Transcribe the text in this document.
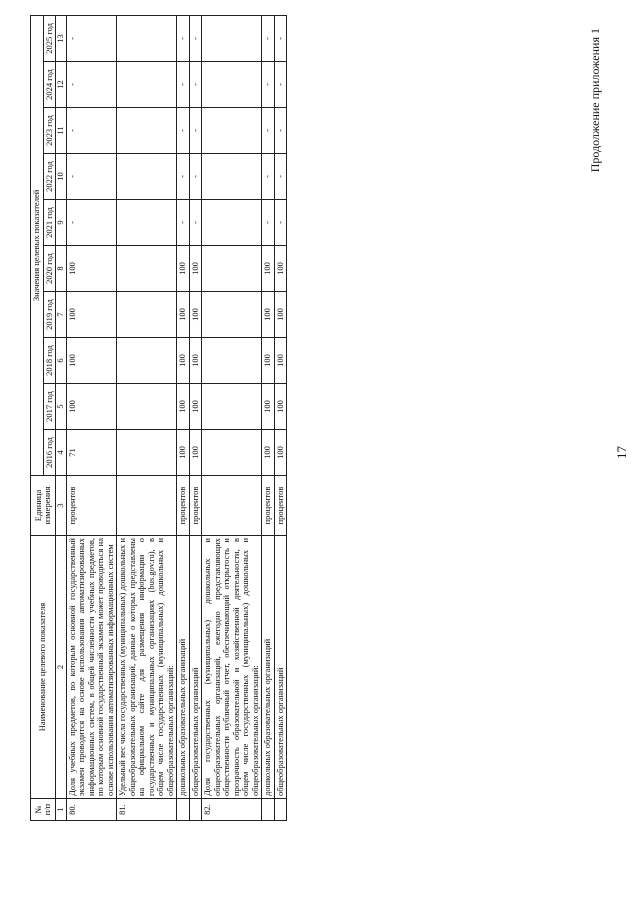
17
Продолжение приложения 1
№ п/п	Наименование целевого показателя	Единица измерения	Значения целевых показателей									
			2016 год	2017 год	2018 год	2019 год	2020 год	2021 год	2022 год	2023 год	2024 год	2025 год
1	2	3	4	5	6	7	8	9	10	11	12	13
80.	Доля учебных предметов, по которым основной государственный экзамен проводится на основе использования автоматизированных информационных систем, в общей численности учебных предметов, по которым основной государственный экзамен может проводиться на основе использования автоматизированных информационных систем	процентов	71	100	100	100	100	-	-	-	-	-
81.	Удельный вес числа государственных (муниципальных) дошкольных и общеобразовательных организаций, данные о которых представлены на официальном сайте для размещения информации о государственных и муниципальных организациях (bus.gov.ru), в общем числе государственных (муниципальных) дошкольных и общеобразовательных организаций:											
	дошкольных образовательных организаций	процентов	100	100	100	100	100	-	-	-	-	-
	общеобразовательных организаций	процентов	100	100	100	100	100	-	-	-	-	-
82.	Доля государственных (муниципальных) дошкольных и общеобразовательных организаций, ежегодно представляющих общественности публичный отчет, обеспечивающий открытость и прозрачность образовательной и хозяйственной деятельности, в общем числе государственных (муниципальных) дошкольных и общеобразовательных организаций:											
	дошкольных образовательных организаций	процентов	100	100	100	100	100	-	-	-	-	-
	общеобразовательных организаций	процентов	100	100	100	100	100	-	-	-	-	-
